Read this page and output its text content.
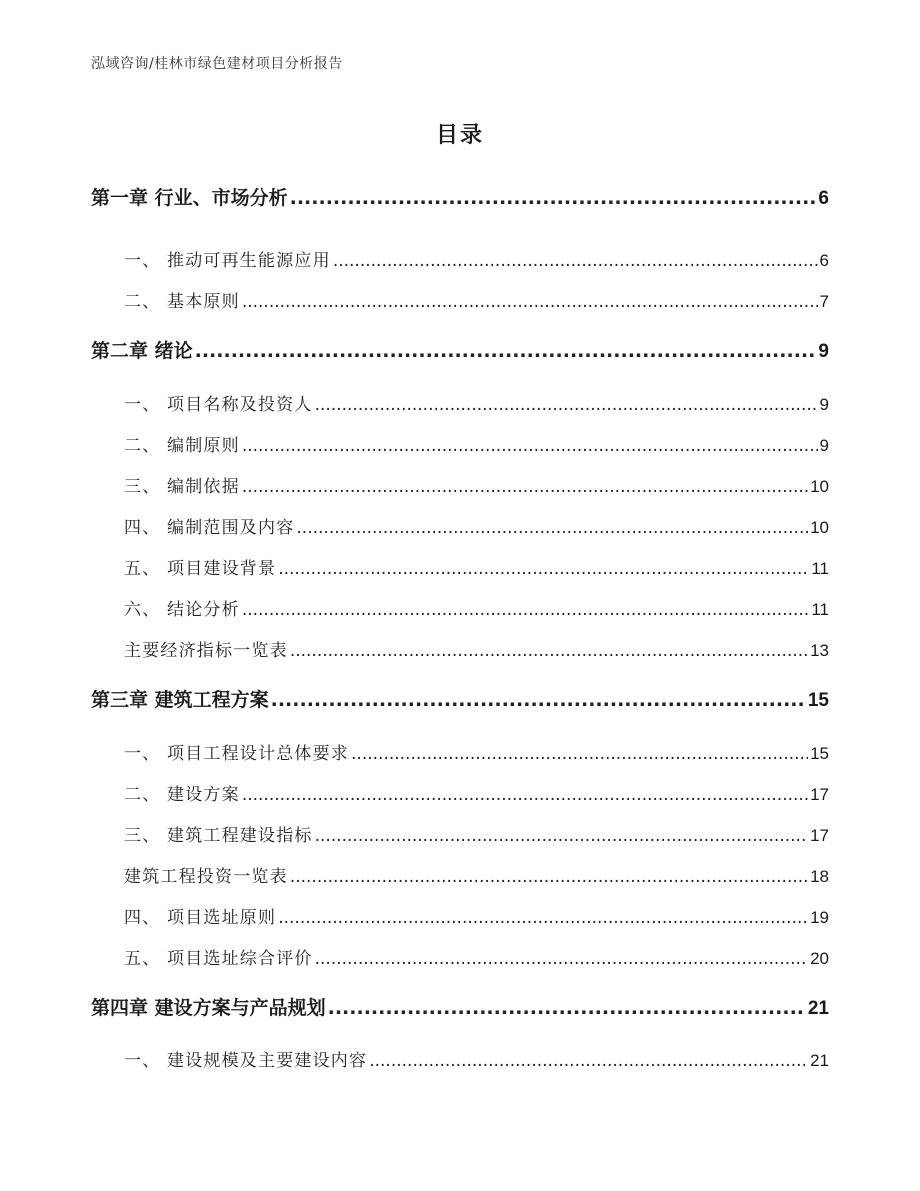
泓域咨询/桂林市绿色建材项目分析报告
目录
第一章 行业、市场分析 .....	6
一、 推动可再生能源应用 .....	6
二、 基本原则 .....	7
第二章 绪论 .....	9
一、 项目名称及投资人 .....	9
二、 编制原则 .....	9
三、 编制依据 .....	10
四、 编制范围及内容 .....	10
五、 项目建设背景 .....	11
六、 结论分析 .....	11
主要经济指标一览表 .....	13
第三章 建筑工程方案 .....	15
一、 项目工程设计总体要求 .....	15
二、 建设方案 .....	17
三、 建筑工程建设指标 .....	17
建筑工程投资一览表 .....	18
四、 项目选址原则 .....	19
五、 项目选址综合评价 .....	20
第四章 建设方案与产品规划 .....	21
一、 建设规模及主要建设内容 .....	21
